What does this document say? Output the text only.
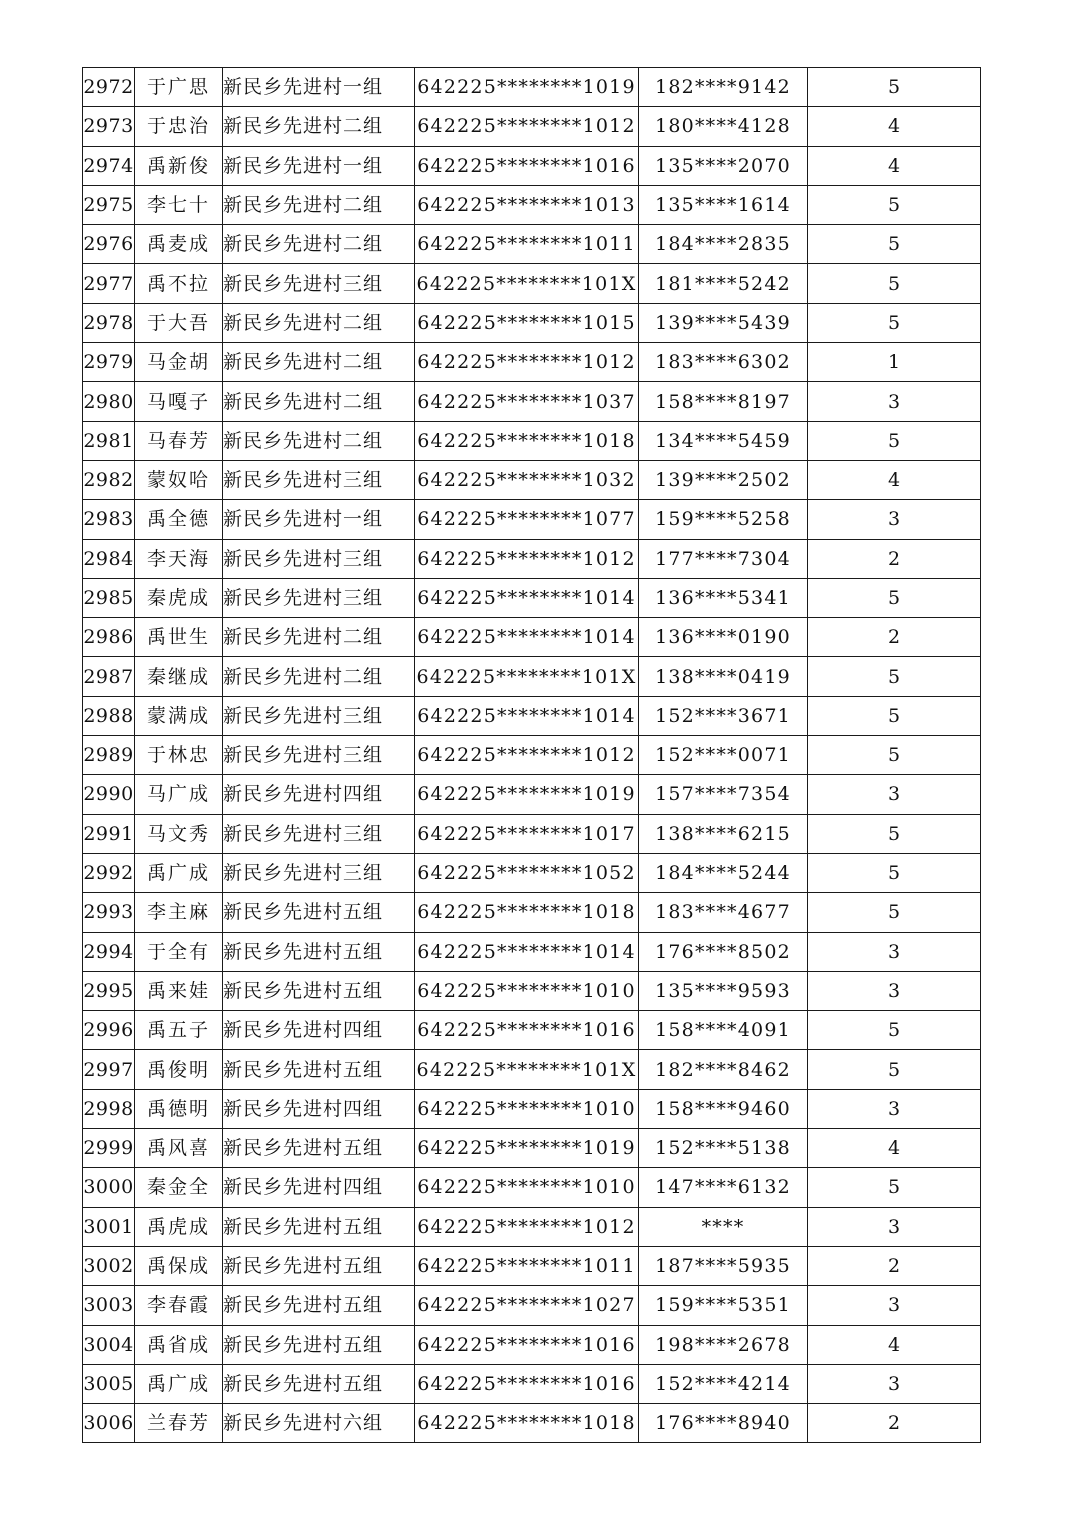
2972	于广思	新民乡先进村一组	642225********1019	182****9142	5
2973	于忠治	新民乡先进村二组	642225********1012	180****4128	4
2974	禹新俊	新民乡先进村一组	642225********1016	135****2070	4
2975	李七十	新民乡先进村二组	642225********1013	135****1614	5
2976	禹麦成	新民乡先进村二组	642225********1011	184****2835	5
2977	禹不拉	新民乡先进村三组	642225********101X	181****5242	5
2978	于大吾	新民乡先进村二组	642225********1015	139****5439	5
2979	马金胡	新民乡先进村二组	642225********1012	183****6302	1
2980	马嘎子	新民乡先进村二组	642225********1037	158****8197	3
2981	马春芳	新民乡先进村二组	642225********1018	134****5459	5
2982	蒙奴哈	新民乡先进村三组	642225********1032	139****2502	4
2983	禹全德	新民乡先进村一组	642225********1077	159****5258	3
2984	李天海	新民乡先进村三组	642225********1012	177****7304	2
2985	秦虎成	新民乡先进村三组	642225********1014	136****5341	5
2986	禹世生	新民乡先进村二组	642225********1014	136****0190	2
2987	秦继成	新民乡先进村二组	642225********101X	138****0419	5
2988	蒙满成	新民乡先进村三组	642225********1014	152****3671	5
2989	于林忠	新民乡先进村三组	642225********1012	152****0071	5
2990	马广成	新民乡先进村四组	642225********1019	157****7354	3
2991	马文秀	新民乡先进村三组	642225********1017	138****6215	5
2992	禹广成	新民乡先进村三组	642225********1052	184****5244	5
2993	李主麻	新民乡先进村五组	642225********1018	183****4677	5
2994	于全有	新民乡先进村五组	642225********1014	176****8502	3
2995	禹来娃	新民乡先进村五组	642225********1010	135****9593	3
2996	禹五子	新民乡先进村四组	642225********1016	158****4091	5
2997	禹俊明	新民乡先进村五组	642225********101X	182****8462	5
2998	禹德明	新民乡先进村四组	642225********1010	158****9460	3
2999	禹风喜	新民乡先进村五组	642225********1019	152****5138	4
3000	秦金全	新民乡先进村四组	642225********1010	147****6132	5
3001	禹虎成	新民乡先进村五组	642225********1012	****	3
3002	禹保成	新民乡先进村五组	642225********1011	187****5935	2
3003	李春霞	新民乡先进村五组	642225********1027	159****5351	3
3004	禹省成	新民乡先进村五组	642225********1016	198****2678	4
3005	禹广成	新民乡先进村五组	642225********1016	152****4214	3
3006	兰春芳	新民乡先进村六组	642225********1018	176****8940	2
